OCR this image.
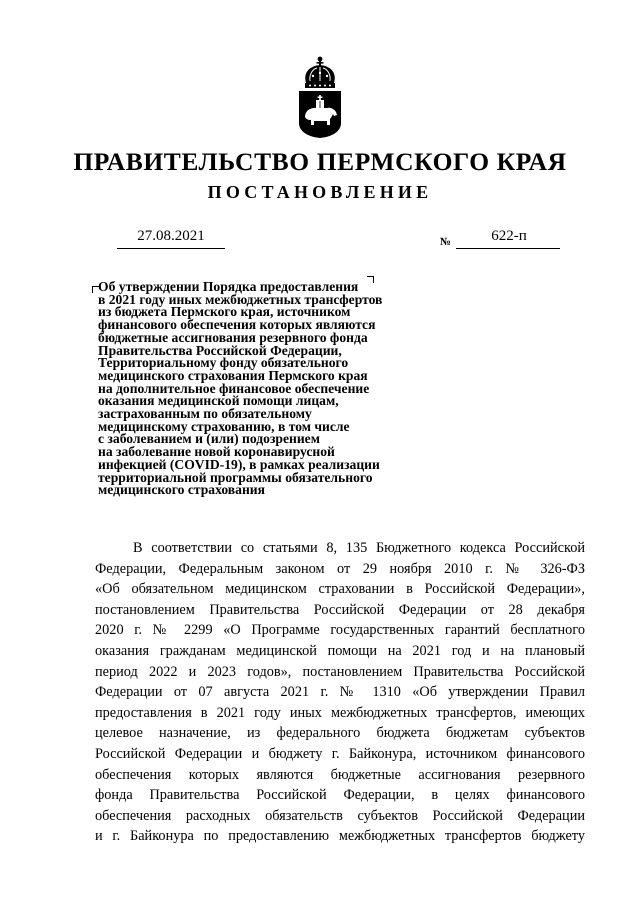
ПРАВИТЕЛЬСТВО ПЕРМСКОГО КРАЯ
ПОСТАНОВЛЕНИЕ
27.08.2021	№	622-п
Об утверждении Порядка предоставления
в 2021 году иных межбюджетных трансфертов
из бюджета Пермского края, источником
финансового обеспечения которых являются
бюджетные ассигнования резервного фонда
Правительства Российской Федерации,
Территориальному фонду обязательного
медицинского страхования Пермского края
на дополнительное финансовое обеспечение
оказания медицинской помощи лицам,
застрахованным по обязательному
медицинскому страхованию, в том числе
с заболеванием и (или) подозрением
на заболевание новой коронавирусной
инфекцией (COVID-19), в рамках реализации
территориальной программы обязательного
медицинского страхования
В соответствии со статьями 8, 135 Бюджетного кодекса Российской
Федерации, Федеральным законом от 29 ноября 2010 г. № 326-ФЗ
«Об обязательном медицинском страховании в Российской Федерации»,
постановлением Правительства Российской Федерации от 28 декабря
2020 г. № 2299 «О Программе государственных гарантий бесплатного
оказания гражданам медицинской помощи на 2021 год и на плановый
период 2022 и 2023 годов», постановлением Правительства Российской
Федерации от 07 августа 2021 г. № 1310 «Об утверждении Правил
предоставления в 2021 году иных межбюджетных трансфертов, имеющих
целевое назначение, из федерального бюджета бюджетам субъектов
Российской Федерации и бюджету г. Байконура, источником финансового
обеспечения которых являются бюджетные ассигнования резервного
фонда Правительства Российской Федерации, в целях финансового
обеспечения расходных обязательств субъектов Российской Федерации
и г. Байконура по предоставлению межбюджетных трансфертов бюджету
